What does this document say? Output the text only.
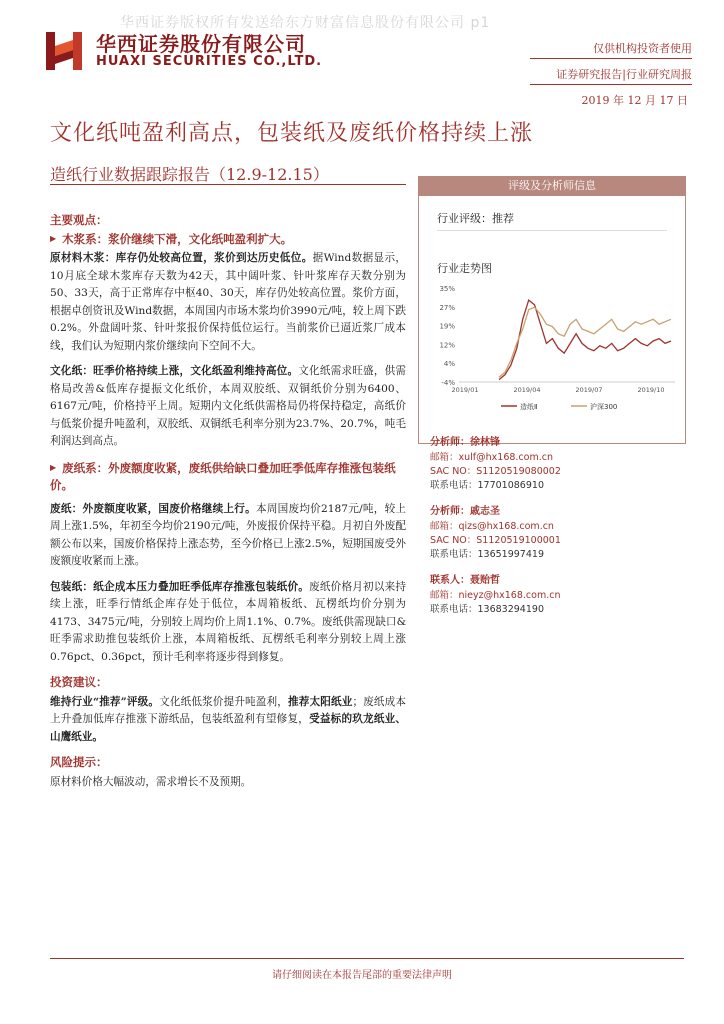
华西证券版权所有发送给东方财富信息股份有限公司 p1
华西证券股份有限公司
HUAXI SECURITIES CO.,LTD.
仅供机构投资者使用
证券研究报告|行业研究周报
2019 年 12 月 17 日
文化纸吨盈利高点，包装纸及废纸价格持续上涨
造纸行业数据跟踪报告（12.9-12.15）
主要观点：
▶ 木浆系：浆价继续下滑，文化纸吨盈利扩大。
原材料木浆：库存仍处较高位置，浆价到达历史低位。据Wind数据显示，10月底全球木浆库存天数为42天，其中阔叶浆、针叶浆库存天数分别为50、33天，高于正常库存中枢40、30天，库存仍处较高位置。浆价方面，根据卓创资讯及Wind数据，本周国内市场木浆均价3990元/吨，较上周下跌0.2%。外盘阔叶浆、针叶浆报价保持低位运行。当前浆价已逼近浆厂成本线，我们认为短期内浆价继续向下空间不大。
文化纸：旺季价格持续上涨，文化纸盈利维持高位。文化纸需求旺盛，供需格局改善&低库存提振文化纸价，本周双胶纸、双铜纸价分别为6400、6167元/吨，价格持平上周。短期内文化纸供需格局仍将保持稳定，高纸价与低浆价提升吨盈利，双胶纸、双铜纸毛利率分别为23.7%、20.7%，吨毛利润达到高点。
▶ 废纸系：外废额度收紧，废纸供给缺口叠加旺季低库存推涨包装纸价。
废纸：外废额度收紧，国废价格继续上行。本周国废均价2187元/吨，较上周上涨1.5%，年初至今均价2190元/吨，外废报价保持平稳。月初自外废配额公布以来，国废价格保持上涨态势，至今价格已上涨2.5%，短期国废受外废额度收紧而上涨。
包装纸：纸企成本压力叠加旺季低库存推涨包装纸价。废纸价格月初以来持续上涨，旺季行情纸企库存处于低位，本周箱板纸、瓦楞纸均价分别为4173、3475元/吨，分别较上周均价上周1.1%、0.7%。废纸供需现缺口&旺季需求助推包装纸价上涨，本周箱板纸、瓦楞纸毛利率分别较上周上涨0.76pct、0.36pct，预计毛利率将逐步得到修复。
投资建议：
维持行业“推荐”评级。文化纸低浆价提升吨盈利，推荐太阳纸业；废纸成本上升叠加低库存推涨下游纸品，包装纸盈利有望修复，受益标的玖龙纸业、山鹰纸业。
风险提示：
原材料价格大幅波动，需求增长不及预期。
评级及分析师信息
行业评级：推荐
行业走势图
35%
27%
19%
12%
4%
-4%
2019/01	2019/04	2019/07	2019/10
造纸Ⅱ	沪深300
分析师：徐林锋
邮箱：xulf@hx168.com.cn
SAC NO：S1120519080002
联系电话：17701086910
分析师：戚志圣
邮箱：qizs@hx168.com.cn
SAC NO：S1120519100001
联系电话：13651997419
联系人：聂贻哲
邮箱：nieyz@hx168.com.cn
联系电话：13683294190
请仔细阅读在本报告尾部的重要法律声明
